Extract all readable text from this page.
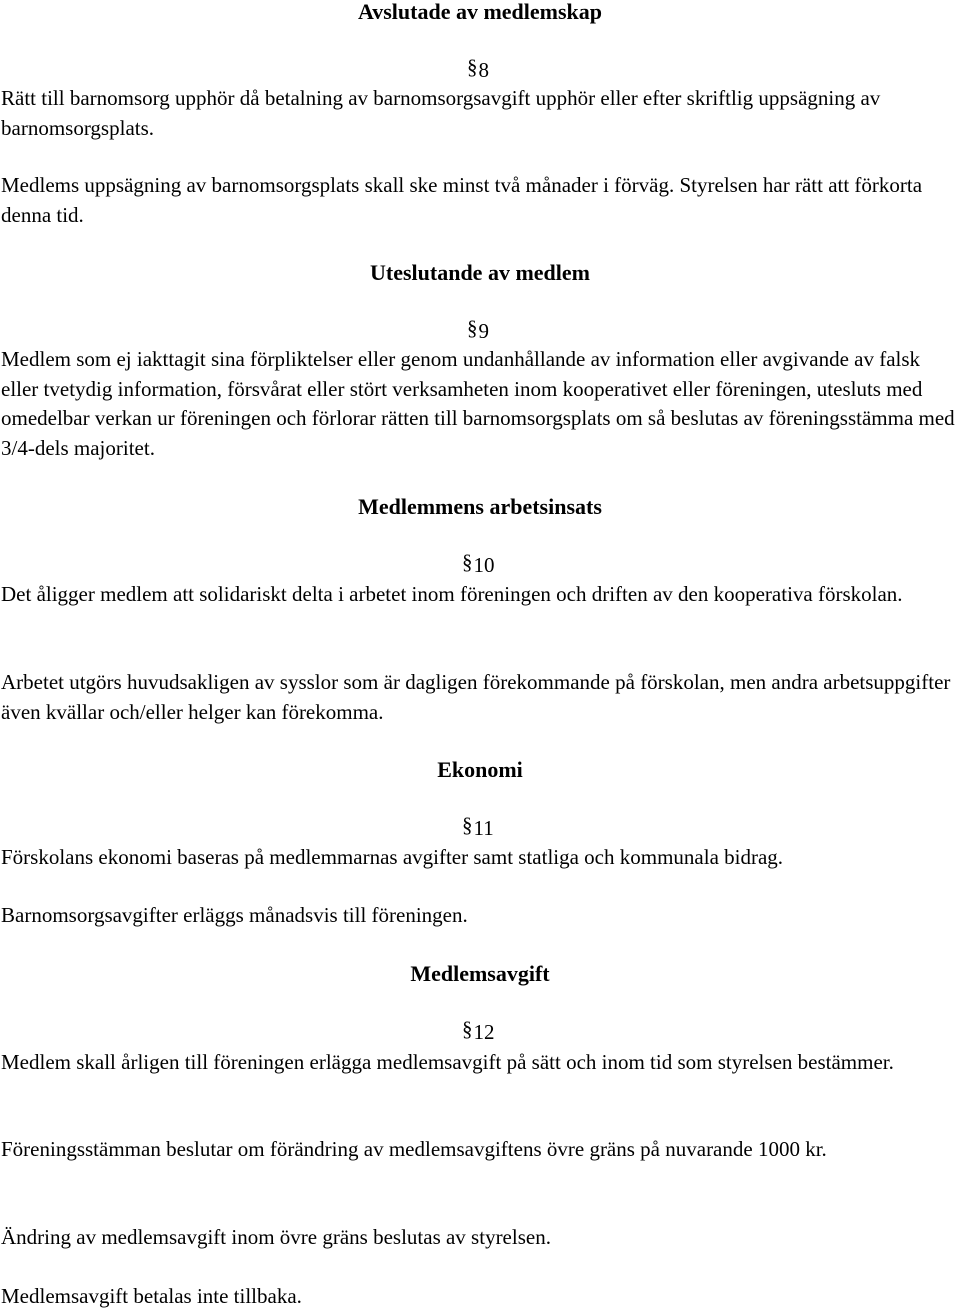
Avslutade av medlemskap
§8

Rätt till barnomsorg upphör då betalning av barnomsorgsavgift upphör eller efter skriftlig uppsägning av barnomsorgsplats.

Medlems uppsägning av barnomsorgsplats skall ske minst två månader i förväg. Styrelsen har rätt att förkorta denna tid.

Uteslutande av medlem
§9

Medlem som ej iakttagit sina förpliktelser eller genom undanhållande av information eller avgivande av falsk eller tvetydig information, försvårat eller stört verksamheten inom kooperativet eller föreningen, utesluts med omedelbar verkan ur föreningen och förlorar rätten till barnomsorgsplats om så beslutas av föreningsstämma med 3/4-dels majoritet.

Medlemmens arbetsinsats
§10

Det åligger medlem att solidariskt delta i arbetet inom föreningen och driften av den kooperativa förskolan.

Arbetet utgörs huvudsakligen av sysslor som är dagligen förekommande på förskolan, men andra arbetsuppgifter även kvällar och/eller helger kan förekomma.

Ekonomi
§11

Förskolans ekonomi baseras på medlemmarnas avgifter samt statliga och kommunala bidrag.

Barnomsorgsavgifter erläggs månadsvis till föreningen.

Medlemsavgift
§12

Medlem skall årligen till föreningen erlägga medlemsavgift på sätt och inom tid som styrelsen bestämmer.

Föreningsstämman beslutar om förändring av medlemsavgiftens övre gräns på nuvarande 1000 kr.

Ändring av medlemsavgift inom övre gräns beslutas av styrelsen.

Medlemsavgift betalas inte tillbaka.
